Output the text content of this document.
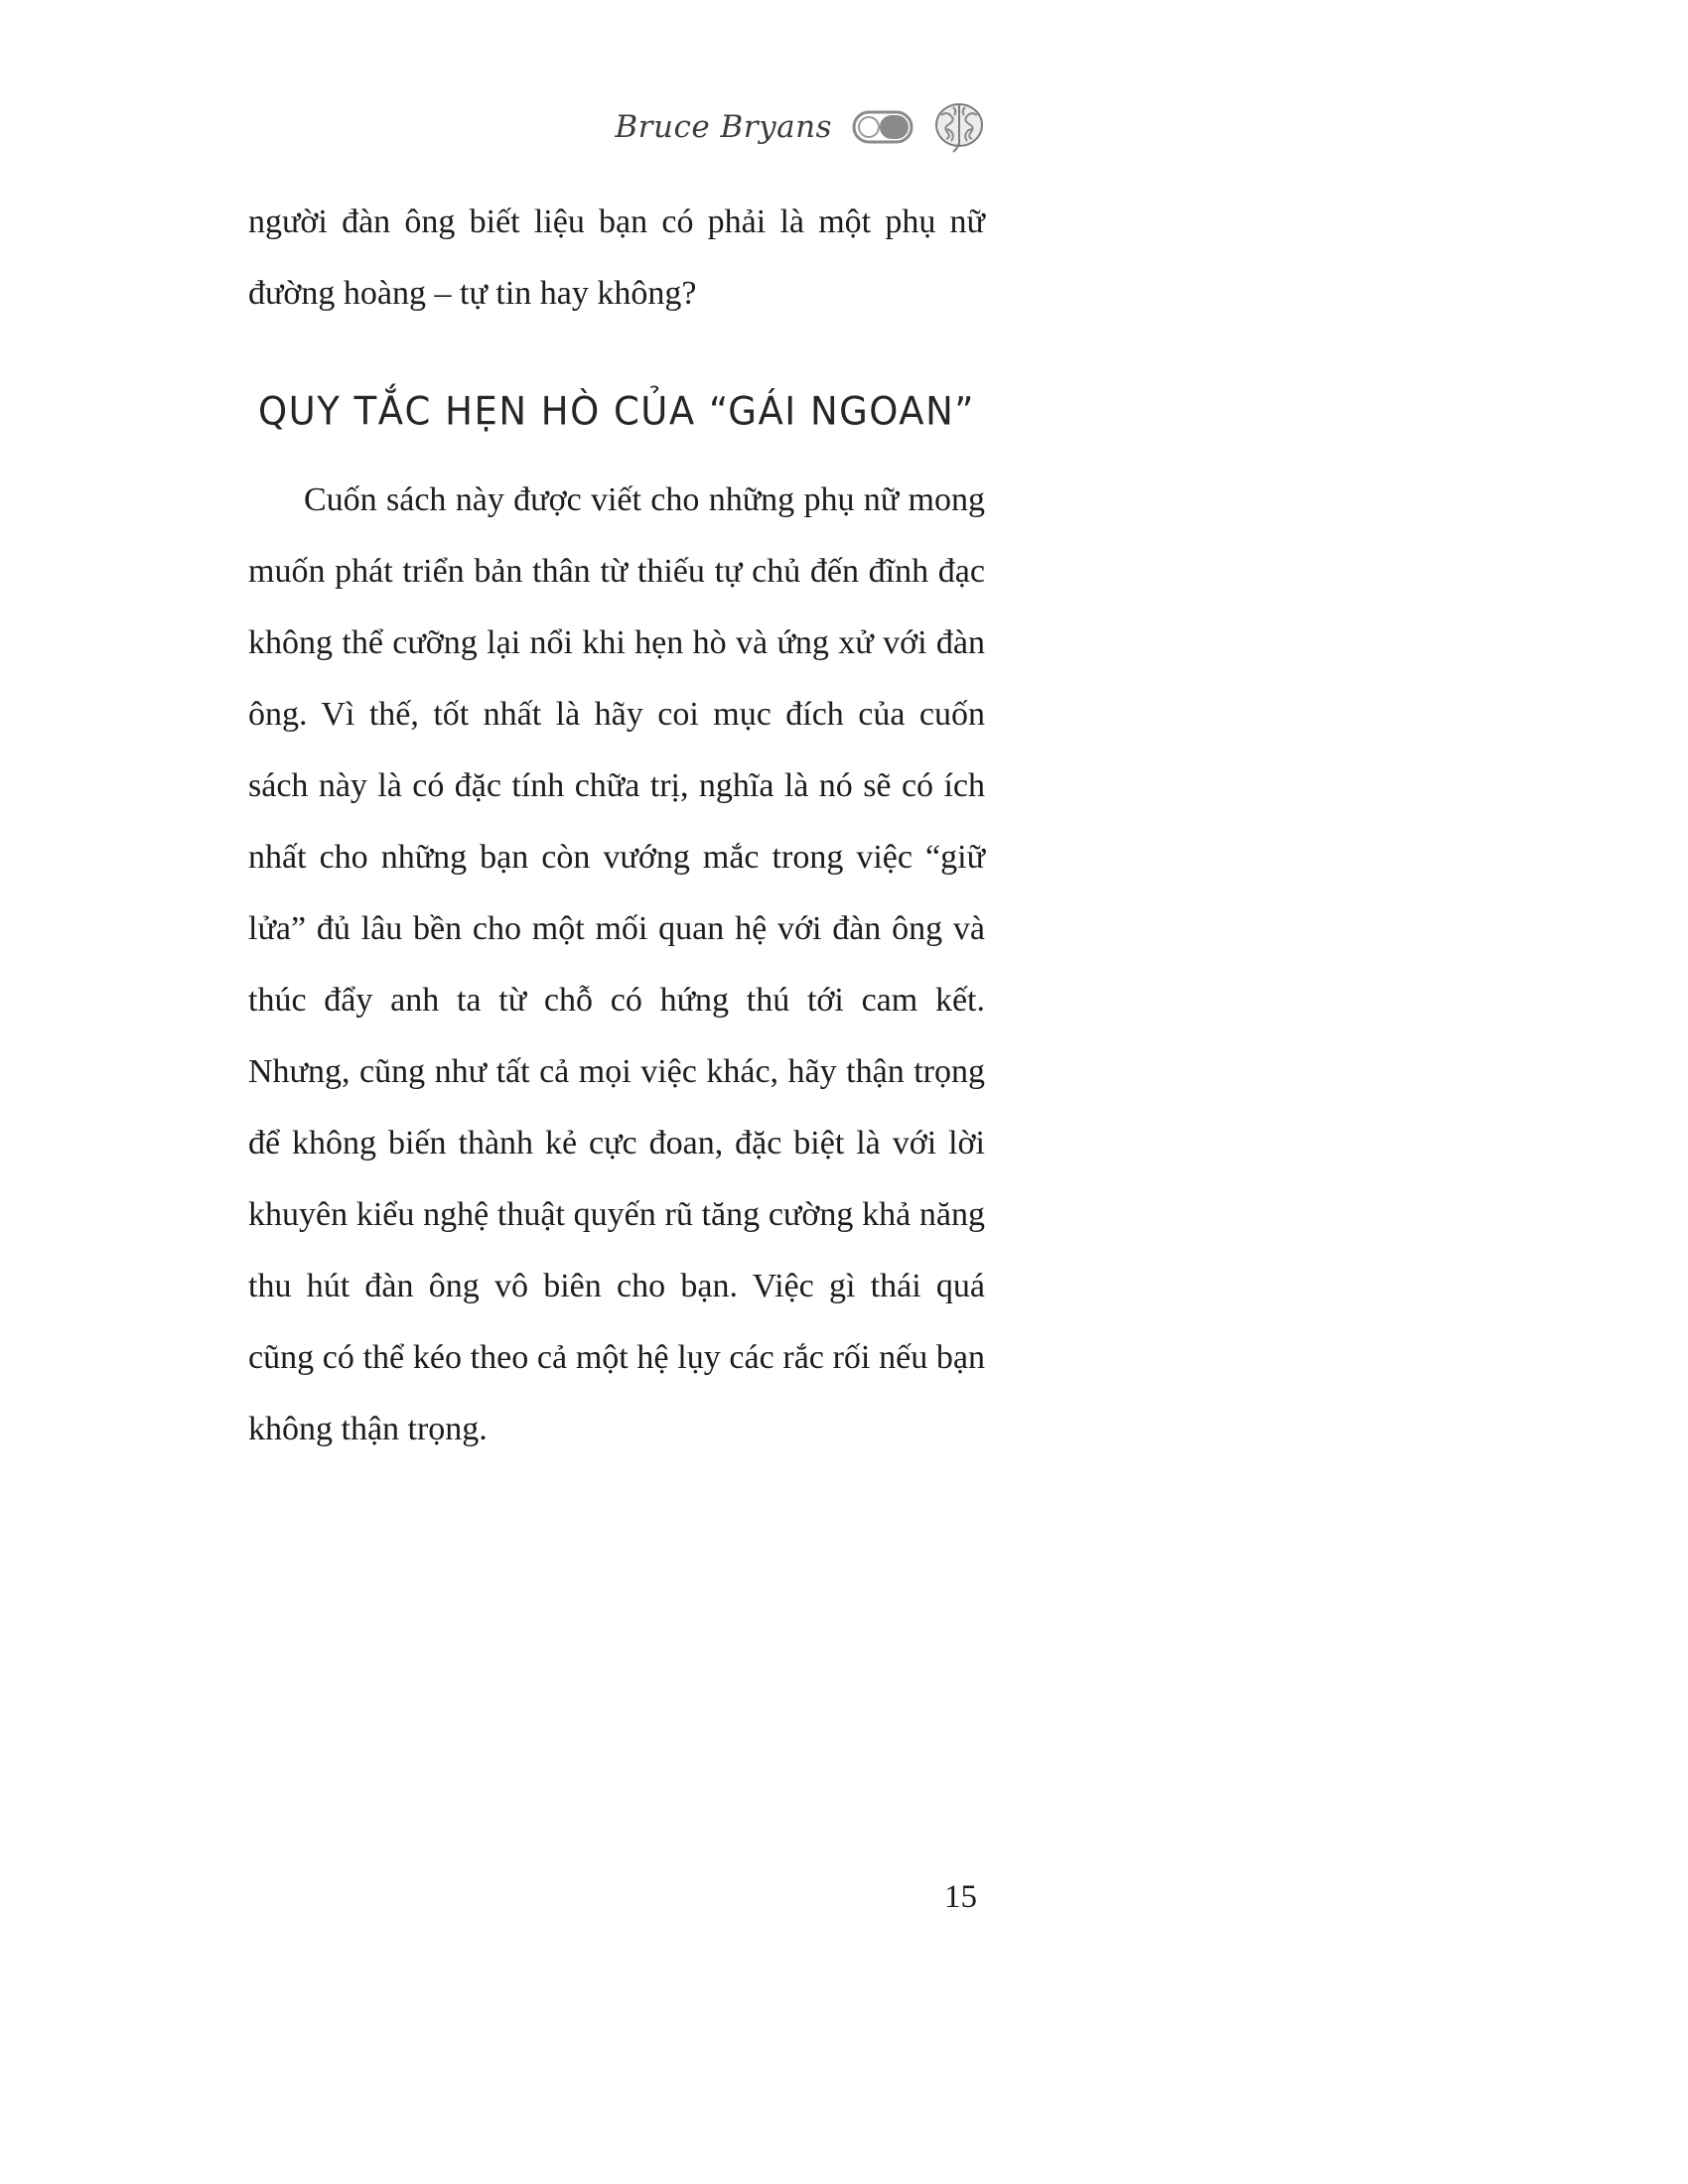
Bruce Bryans

người đàn ông biết liệu bạn có phải là một phụ nữ đường hoàng – tự tin hay không?

QUY TẮC HẸN HÒ CỦA “GÁI NGOAN”

Cuốn sách này được viết cho những phụ nữ mong muốn phát triển bản thân từ thiếu tự chủ đến đĩnh đạc không thể cưỡng lại nổi khi hẹn hò và ứng xử với đàn ông. Vì thế, tốt nhất là hãy coi mục đích của cuốn sách này là có đặc tính chữa trị, nghĩa là nó sẽ có ích nhất cho những bạn còn vướng mắc trong việc “giữ lửa” đủ lâu bền cho một mối quan hệ với đàn ông và thúc đẩy anh ta từ chỗ có hứng thú tới cam kết. Nhưng, cũng như tất cả mọi việc khác, hãy thận trọng để không biến thành kẻ cực đoan, đặc biệt là với lời khuyên kiểu nghệ thuật quyến rũ tăng cường khả năng thu hút đàn ông vô biên cho bạn. Việc gì thái quá cũng có thể kéo theo cả một hệ lụy các rắc rối nếu bạn không thận trọng.

15
